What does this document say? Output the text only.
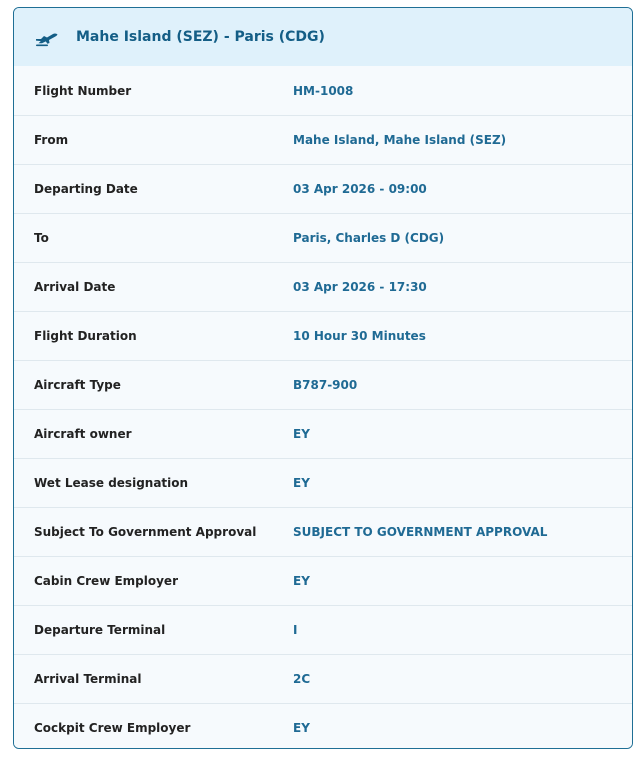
Mahe Island (SEZ) - Paris (CDG)
Flight Number	HM-1008
From	Mahe Island, Mahe Island (SEZ)
Departing Date	03 Apr 2026 - 09:00
To	Paris, Charles D (CDG)
Arrival Date	03 Apr 2026 - 17:30
Flight Duration	10 Hour 30 Minutes
Aircraft Type	B787-900
Aircraft owner	EY
Wet Lease designation	EY
Subject To Government Approval	SUBJECT TO GOVERNMENT APPROVAL
Cabin Crew Employer	EY
Departure Terminal	I
Arrival Terminal	2C
Cockpit Crew Employer	EY
